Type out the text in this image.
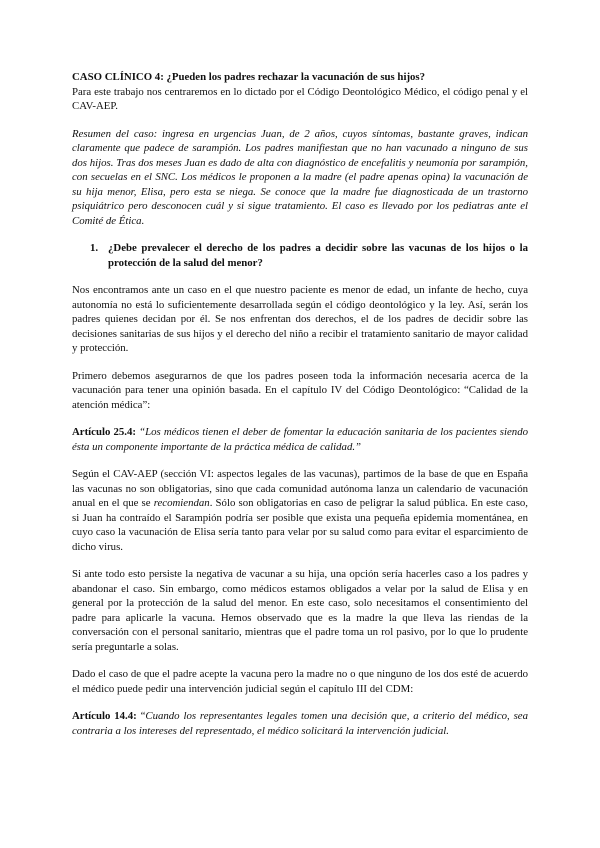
CASO CLÍNICO 4: ¿Pueden los padres rechazar la vacunación de sus hijos?

Para este trabajo nos centraremos en lo dictado por el Código Deontológico Médico, el código penal y el CAV-AEP.

Resumen del caso: ingresa en urgencias Juan, de 2 años, cuyos síntomas, bastante graves, indican claramente que padece de sarampión. Los padres manifiestan que no han vacunado a ninguno de sus dos hijos. Tras dos meses Juan es dado de alta con diagnóstico de encefalitis y neumonía por sarampión, con secuelas en el SNC. Los médicos le proponen a la madre (el padre apenas opina) la vacunación de su hija menor, Elisa, pero esta se niega. Se conoce que la madre fue diagnosticada de un trastorno psiquiátrico pero desconocen cuál y si sigue tratamiento. El caso es llevado por los pediatras ante el Comité de Ética.

1. ¿Debe prevalecer el derecho de los padres a decidir sobre las vacunas de los hijos o la protección de la salud del menor?

Nos encontramos ante un caso en el que nuestro paciente es menor de edad, un infante de hecho, cuya autonomía no está lo suficientemente desarrollada según el código deontológico y la ley. Así, serán los padres quienes decidan por él. Se nos enfrentan dos derechos, el de los padres de decidir sobre las decisiones sanitarias de sus hijos y el derecho del niño a recibir el tratamiento sanitario de mayor calidad y protección.

Primero debemos asegurarnos de que los padres poseen toda la información necesaria acerca de la vacunación para tener una opinión basada. En el capítulo IV del Código Deontológico: “Calidad de la atención médica”:

Artículo 25.4: “Los médicos tienen el deber de fomentar la educación sanitaria de los pacientes siendo ésta un componente importante de la práctica médica de calidad.”

Según el CAV-AEP (sección VI: aspectos legales de las vacunas), partimos de la base de que en España las vacunas no son obligatorias, sino que cada comunidad autónoma lanza un calendario de vacunación anual en el que se recomiendan. Sólo son obligatorias en caso de peligrar la salud pública. En este caso, si Juan ha contraído el Sarampión podría ser posible que exista una pequeña epidemia momentánea, en cuyo caso la vacunación de Elisa sería tanto para velar por su salud como para evitar el esparcimiento de dicho virus.

Si ante todo esto persiste la negativa de vacunar a su hija, una opción sería hacerles caso a los padres y abandonar el caso. Sin embargo, como médicos estamos obligados a velar por la salud de Elisa y en general por la protección de la salud del menor. En este caso, solo necesitamos el consentimiento del padre para aplicarle la vacuna. Hemos observado que es la madre la que lleva las riendas de la conversación con el personal sanitario, mientras que el padre toma un rol pasivo, por lo que lo prudente sería preguntarle a solas.

Dado el caso de que el padre acepte la vacuna pero la madre no o que ninguno de los dos esté de acuerdo el médico puede pedir una intervención judicial según el capítulo III del CDM:

Artículo 14.4: “Cuando los representantes legales tomen una decisión que, a criterio del médico, sea contraria a los intereses del representado, el médico solicitará la intervención judicial.
